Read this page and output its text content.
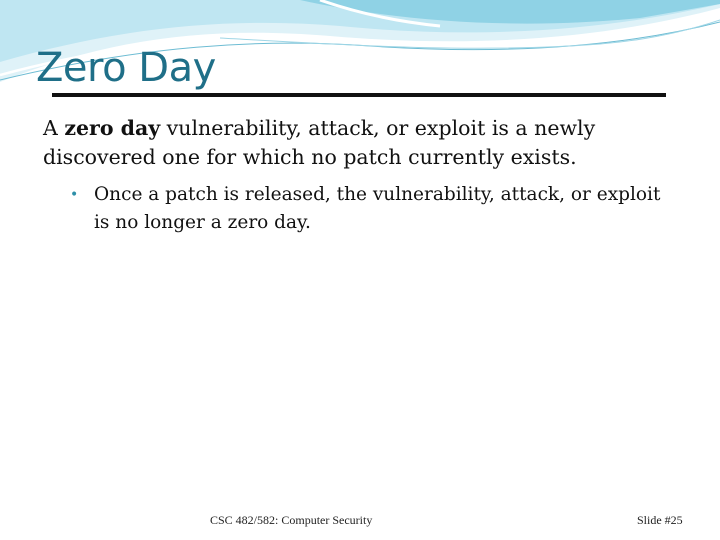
Zero Day
A zero day vulnerability, attack, or exploit is a newly discovered one for which no patch currently exists.
• Once a patch is released, the vulnerability, attack, or exploit is no longer a zero day.
CSC 482/582: Computer Security	Slide #25
